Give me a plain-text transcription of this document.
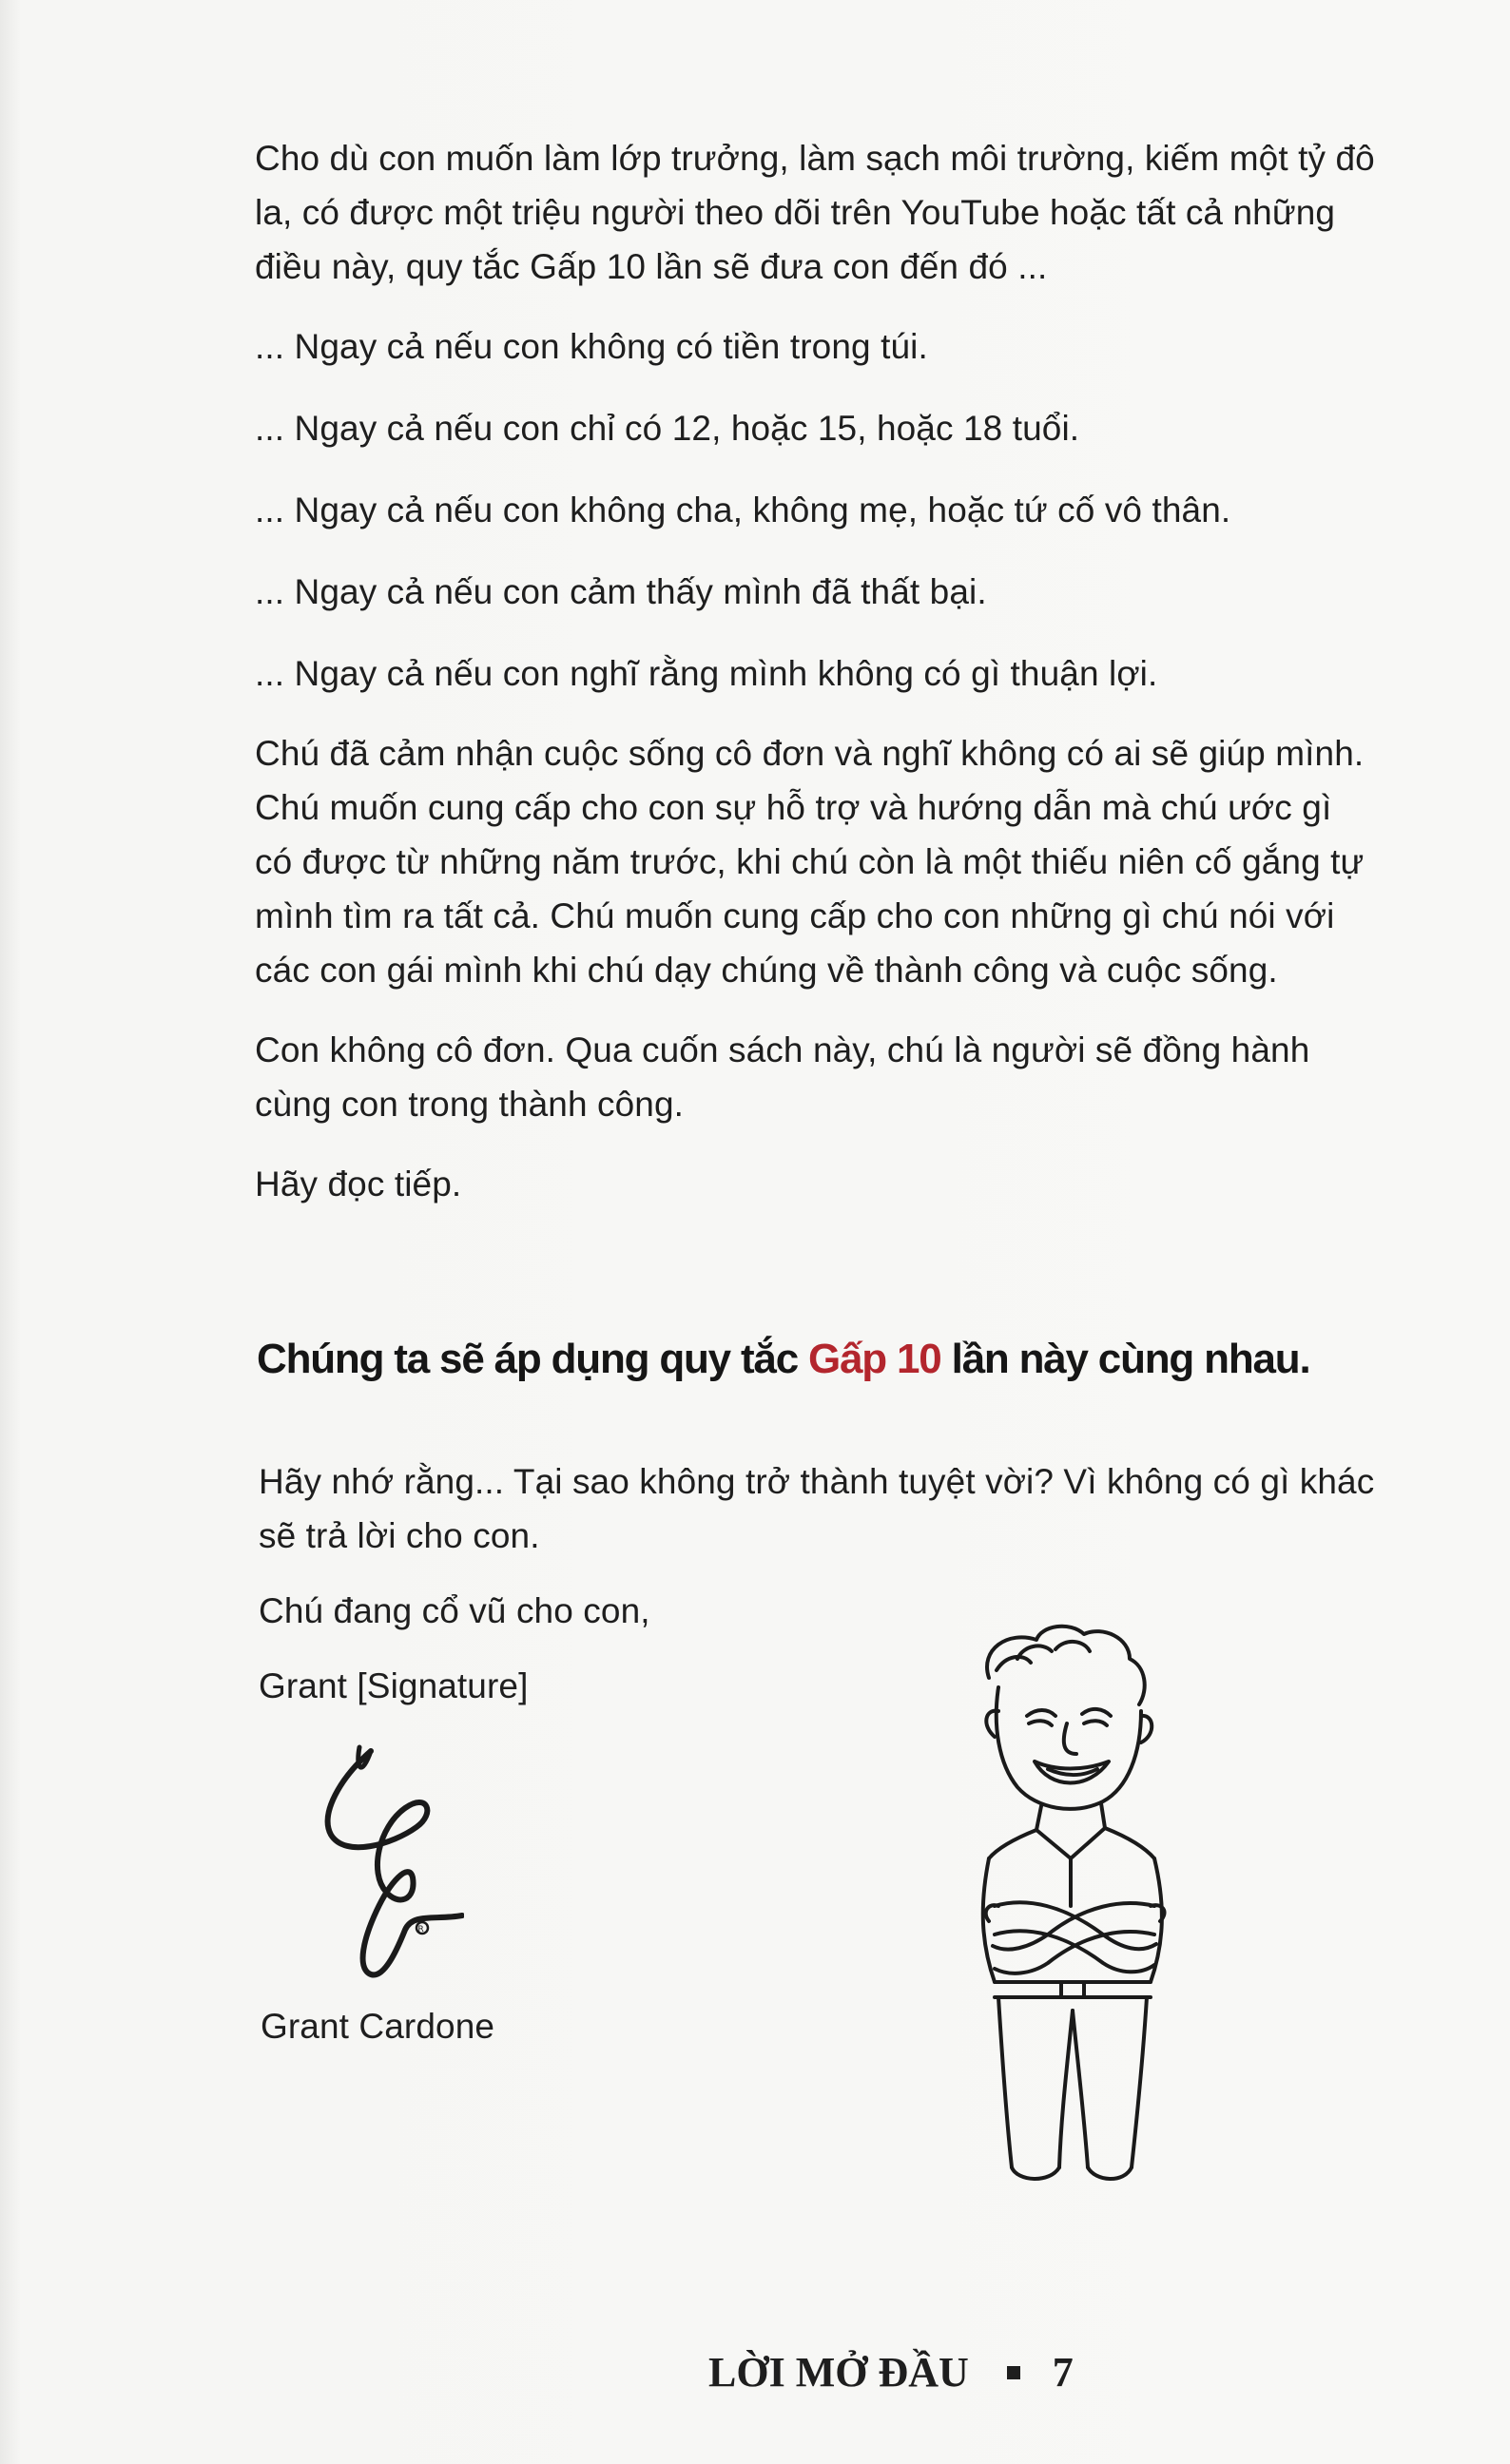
Cho dù con muốn làm lớp trưởng, làm sạch môi trường, kiếm một tỷ đô la, có được một triệu người theo dõi trên YouTube hoặc tất cả những điều này, quy tắc Gấp 10 lần sẽ đưa con đến đó ...

... Ngay cả nếu con không có tiền trong túi.

... Ngay cả nếu con chỉ có 12, hoặc 15, hoặc 18 tuổi.

... Ngay cả nếu con không cha, không mẹ, hoặc tứ cố vô thân.

... Ngay cả nếu con cảm thấy mình đã thất bại.

... Ngay cả nếu con nghĩ rằng mình không có gì thuận lợi.

Chú đã cảm nhận cuộc sống cô đơn và nghĩ không có ai sẽ giúp mình. Chú muốn cung cấp cho con sự hỗ trợ và hướng dẫn mà chú ước gì có được từ những năm trước, khi chú còn là một thiếu niên cố gắng tự mình tìm ra tất cả. Chú muốn cung cấp cho con những gì chú nói với các con gái mình khi chú dạy chúng về thành công và cuộc sống.

Con không cô đơn. Qua cuốn sách này, chú là người sẽ đồng hành cùng con trong thành công.

Hãy đọc tiếp.

Chúng ta sẽ áp dụng quy tắc Gấp 10 lần này cùng nhau.

Hãy nhớ rằng... Tại sao không trở thành tuyệt vời? Vì không có gì khác sẽ trả lời cho con.

Chú đang cổ vũ cho con,

Grant [Signature]

R

Grant Cardone

LỜI MỞ ĐẦU 7
